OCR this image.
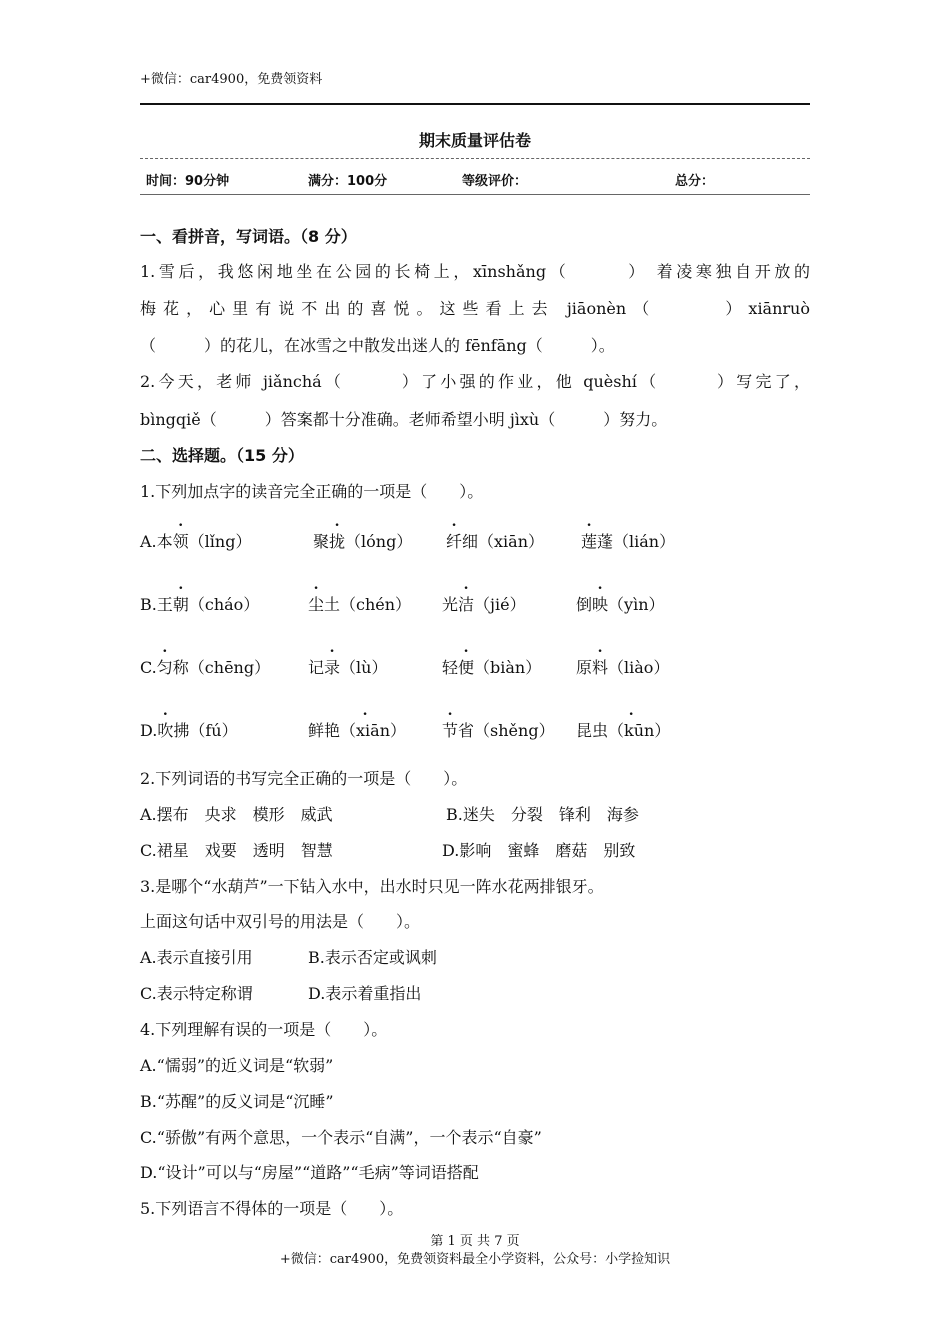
+微信：car4900，免费领资料
期末质量评估卷
时间：90分钟	满分：100分	等级评价：	总分：
一、看拼音，写词语。（8 分）
1.雪后，我悠闲地坐在公园的长椅上，xīnshǎng（　　　） 着凌寒独自开放的
梅花，心里有说不出的喜悦。这些看上去 jiāonèn（　　　）xiānruò
（　　　）的花儿，在冰雪之中散发出迷人的 fēnfāng（　　　）。
2.今天，老师 jiǎnchá（　　　）了小强的作业，他 quèshí（　　　）写完了，
bìngqiě（　　　）答案都十分准确。老师希望小明 jìxù（　　　）努力。
二、选择题。（15 分）
1.下列加点字的读音完全正确的一项是（　　）。
A.本领（lǐng）	聚拢（lóng） 纤细（xiān） 莲蓬（lián）
B.王朝（cháo）	尘土（chén） 光洁（jié）	倒映（yìn）
C.匀称（chēng） 记录（lù）	轻便（biàn） 原料（liào）
D.吹拂（fú）	鲜. 艳（xiān） 节省（shěng） 昆. 虫（kūn）
2.下列词语的书写完全正确的一项是（　　）。
A.摆布　央求　模形　威武	B.迷失　分裂　锋利　海参
C.裙星　戏要　透明　智慧	D.影响　蜜蜂　磨菇　别致
3.是哪个“水葫芦”一下钻入水中，出水时只见一阵水花两排银牙。
上面这句话中双引号的用法是（　　）。
A.表示直接引用	B.表示否定或讽刺
C.表示特定称谓	D.表示着重指出
4.下列理解有误的一项是（　　）。
A.“懦弱”的近义词是“软弱”
B.“苏醒”的反义词是“沉睡”
C.“骄傲”有两个意思，一个表示“自满”，一个表示“自豪”
D.“设计”可以与“房屋”“道路”“毛病”等词语搭配
5.下列语言不得体的一项是（　　）。
第 1 页 共 7 页
+微信：car4900，免费领资料最全小学资料，公众号：小学捡知识
